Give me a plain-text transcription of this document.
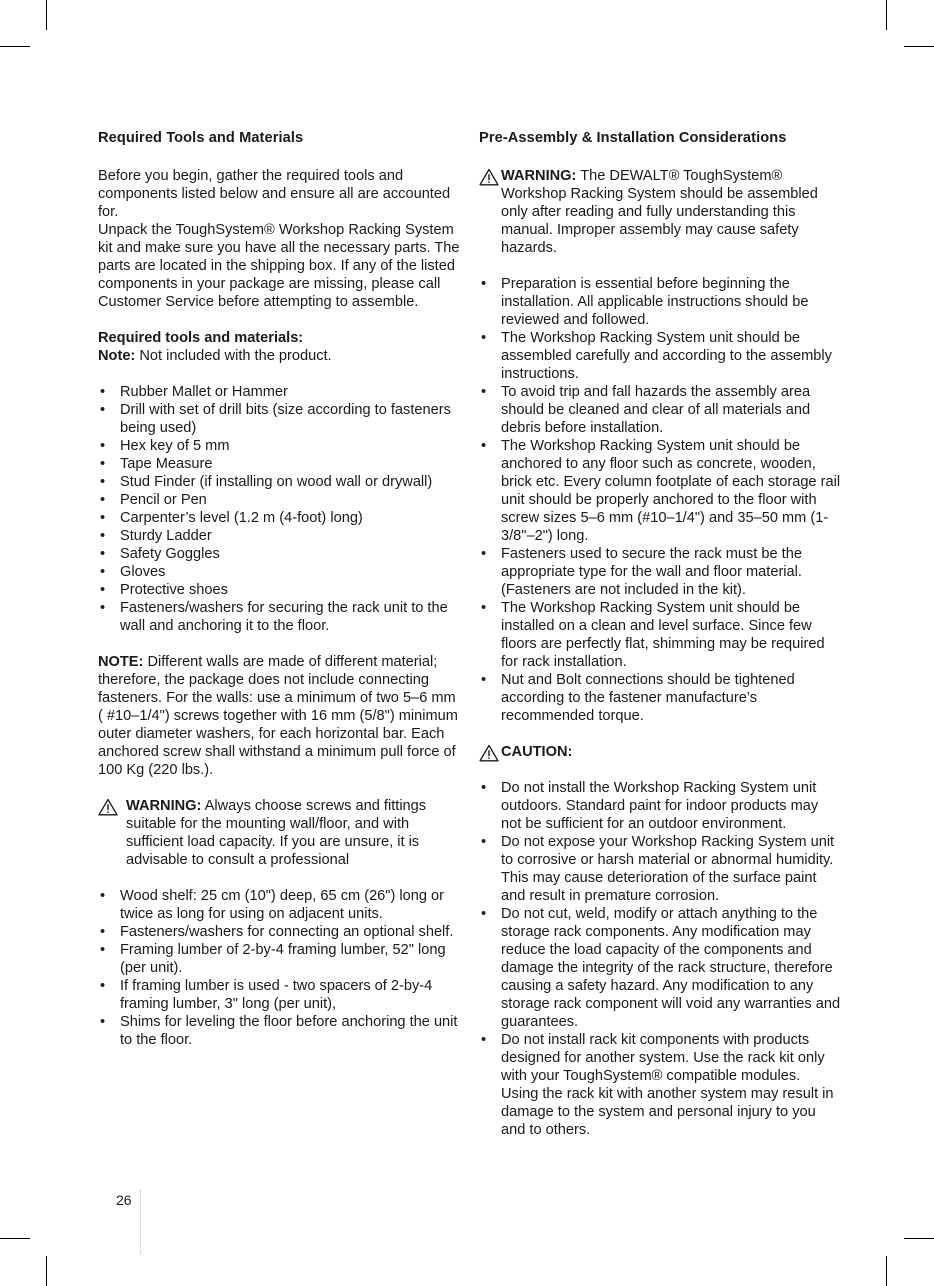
Required Tools and Materials

Before you begin, gather the required tools and components listed below and ensure all are accounted for.

Unpack the ToughSystem® Workshop Racking System kit and make sure you have all the necessary parts. The parts are located in the shipping box. If any of the listed components in your package are missing, please call Customer Service before attempting to assemble.

Required tools and materials:

Note: Not included with the product.

• Rubber Mallet or Hammer
• Drill with set of drill bits (size according to fasteners being used)
• Hex key of 5 mm
• Tape Measure
• Stud Finder (if installing on wood wall or drywall)
• Pencil or Pen
• Carpenter’s level (1.2 m (4-foot) long)
• Sturdy Ladder
• Safety Goggles
• Gloves
• Protective shoes
• Fasteners/washers for securing the rack unit to the wall and anchoring it to the floor.

NOTE: Different walls are made of different material; therefore, the package does not include connecting fasteners. For the walls: use a minimum of two 5–6 mm ( #10–1/4") screws together with 16 mm (5/8") minimum outer diameter washers, for each horizontal bar. Each anchored screw shall withstand a minimum pull force of 100 Kg (220 lbs.).

WARNING: Always choose screws and fittings suitable for the mounting wall/floor, and with sufficient load capacity. If you are unsure, it is advisable to consult a professional
• Wood shelf: 25 cm (10") deep, 65 cm (26") long or twice as long for using on adjacent units.
• Fasteners/washers for connecting an optional shelf.
• Framing lumber of 2-by-4 framing lumber, 52" long (per unit).
• If framing lumber is used - two spacers of 2-by-4 framing lumber, 3" long (per unit),
• Shims for leveling the floor before anchoring the unit to the floor.
Pre-Assembly & Installation Considerations
WARNING: The DEWALT® ToughSystem® Workshop Racking System should be assembled only after reading and fully understanding this manual. Improper assembly may cause safety hazards.
• Preparation is essential before beginning the installation. All applicable instructions should be reviewed and followed.
• The Workshop Racking System unit should be assembled carefully and according to the assembly instructions.
• To avoid trip and fall hazards the assembly area should be cleaned and clear of all materials and debris before installation.
• The Workshop Racking System unit should be anchored to any floor such as concrete, wooden, brick etc. Every column footplate of each storage rail unit should be properly anchored to the floor with screw sizes 5–6 mm (#10–1/4") and 35–50 mm (1-3/8"–2") long.
• Fasteners used to secure the rack must be the appropriate type for the wall and floor material. (Fasteners are not included in the kit).
• The Workshop Racking System unit should be installed on a clean and level surface. Since few floors are perfectly flat, shimming may be required for rack installation.
• Nut and Bolt connections should be tightened according to the fastener manufacture’s recommended torque.
CAUTION:
• Do not install the Workshop Racking System unit outdoors. Standard paint for indoor products may not be sufficient for an outdoor environment.
• Do not expose your Workshop Racking System unit to corrosive or harsh material or abnormal humidity. This may cause deterioration of the surface paint and result in premature corrosion.
• Do not cut, weld, modify or attach anything to the storage rack components. Any modification may reduce the load capacity of the components and damage the integrity of the rack structure, therefore causing a safety hazard. Any modification to any storage rack component will void any warranties and guarantees.
• Do not install rack kit components with products designed for another system. Use the rack kit only with your ToughSystem® compatible modules. Using the rack kit with another system may result in damage to the system and personal injury to you and to others.
26
